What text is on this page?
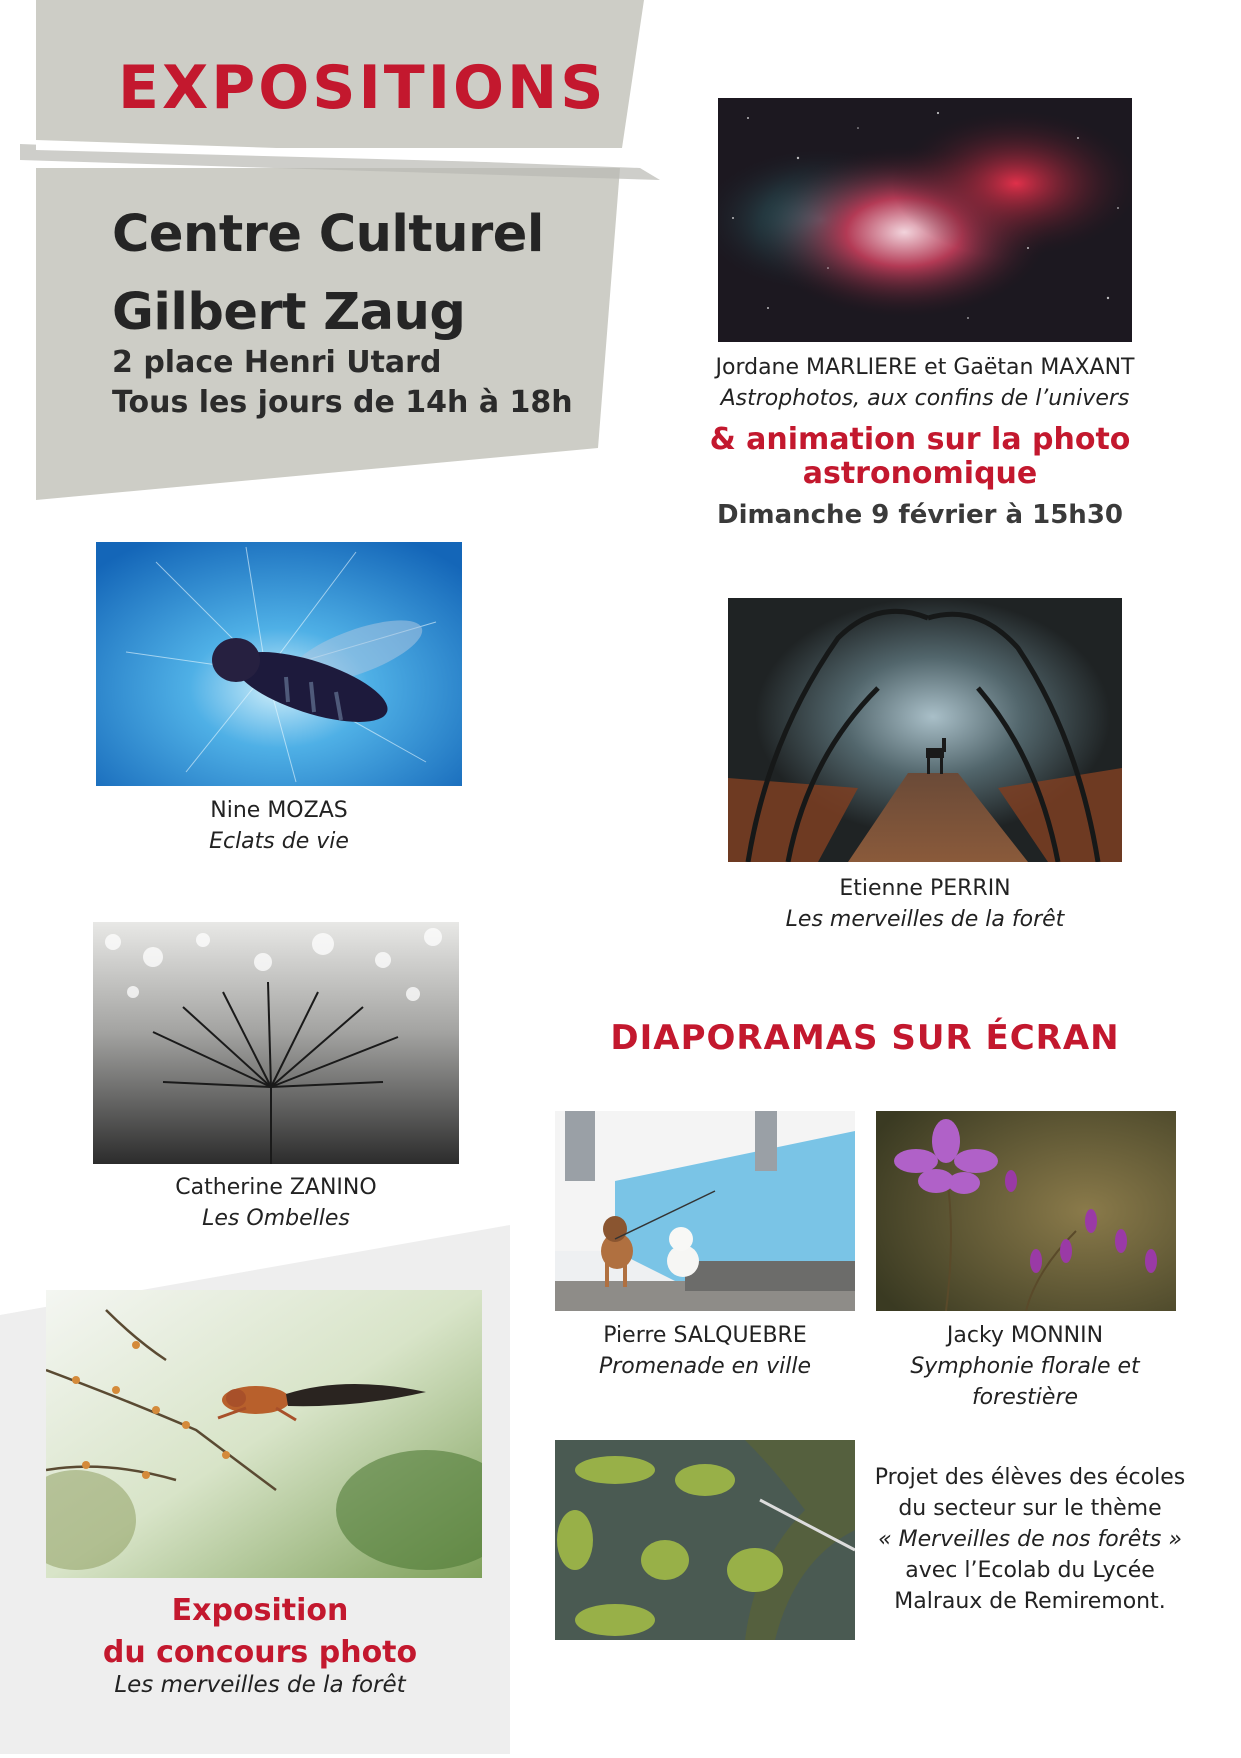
EXPOSITIONS
Centre Culturel
Gilbert Zaug
2 place Henri Utard
Tous les jours de 14h à 18h
Jordane MARLIERE et Gaëtan MAXANT
Astrophotos, aux confins de l’univers
& animation sur la photo
astronomique
Dimanche 9 février à 15h30
Nine MOZAS
Eclats de vie
Etienne PERRIN
Les merveilles de la forêt
Catherine ZANINO
Les Ombelles
DIAPORAMAS SUR ÉCRAN
Pierre SALQUEBRE
Promenade en ville
Jacky MONNIN
Symphonie florale et
forestière
Projet des élèves des écoles
du secteur sur le thème
« Merveilles de nos forêts »
avec l’Ecolab du Lycée
Malraux de Remiremont.
Exposition
du concours photo
Les merveilles de la forêt
